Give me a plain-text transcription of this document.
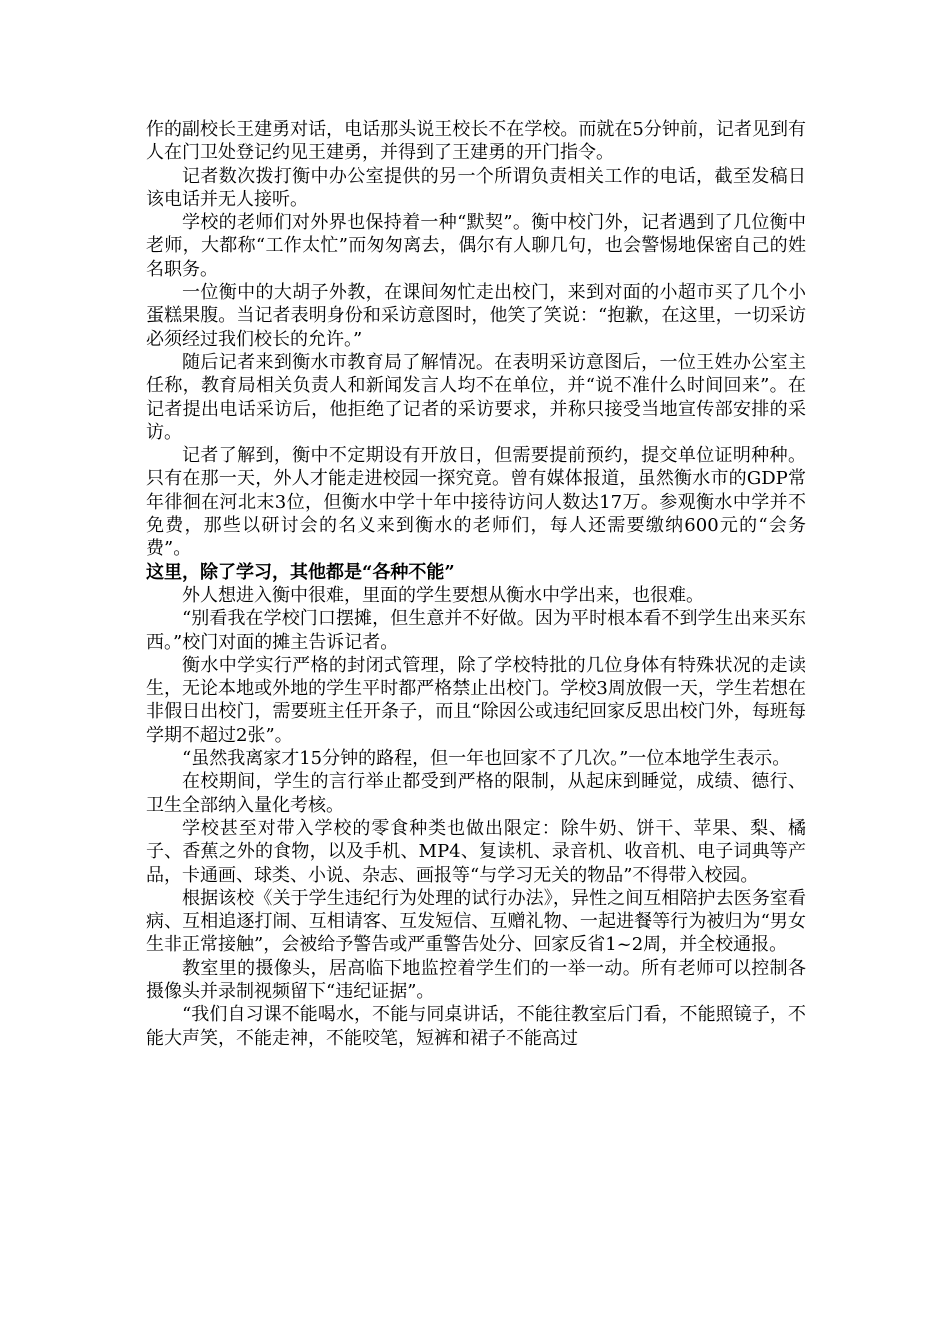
作的副校长王建勇对话，电话那头说王校长不在学校。而就在5分钟前，记者见到有人在门卫处登记约见王建勇，并得到了王建勇的开门指令。

记者数次拨打衡中办公室提供的另一个所谓负责相关工作的电话，截至发稿日该电话并无人接听。

学校的老师们对外界也保持着一种“默契”。衡中校门外，记者遇到了几位衡中老师，大都称“工作太忙”而匆匆离去，偶尔有人聊几句，也会警惕地保密自己的姓名职务。

一位衡中的大胡子外教，在课间匆忙走出校门，来到对面的小超市买了几个小蛋糕果腹。当记者表明身份和采访意图时，他笑了笑说：“抱歉，在这里，一切采访必须经过我们校长的允许。”

随后记者来到衡水市教育局了解情况。在表明采访意图后，一位王姓办公室主任称，教育局相关负责人和新闻发言人均不在单位，并“说不准什么时间回来”。在记者提出电话采访后，他拒绝了记者的采访要求，并称只接受当地宣传部安排的采访。

记者了解到，衡中不定期设有开放日，但需要提前预约，提交单位证明种种。只有在那一天，外人才能走进校园一探究竟。曾有媒体报道，虽然衡水市的GDP常年徘徊在河北末3位，但衡水中学十年中接待访问人数达17万。参观衡水中学并不免费，那些以研讨会的名义来到衡水的老师们，每人还需要缴纳600元的“会务费”。

这里，除了学习，其他都是“各种不能”

外人想进入衡中很难，里面的学生要想从衡水中学出来，也很难。

“别看我在学校门口摆摊，但生意并不好做。因为平时根本看不到学生出来买东西。”校门对面的摊主告诉记者。

衡水中学实行严格的封闭式管理，除了学校特批的几位身体有特殊状况的走读生，无论本地或外地的学生平时都严格禁止出校门。学校3周放假一天，学生若想在非假日出校门，需要班主任开条子，而且“除因公或违纪回家反思出校门外，每班每学期不超过2张”。

“虽然我离家才15分钟的路程，但一年也回家不了几次。”一位本地学生表示。

在校期间，学生的言行举止都受到严格的限制，从起床到睡觉，成绩、德行、卫生全部纳入量化考核。

学校甚至对带入学校的零食种类也做出限定：除牛奶、饼干、苹果、梨、橘子、香蕉之外的食物，以及手机、MP4、复读机、录音机、收音机、电子词典等产品，卡通画、球类、小说、杂志、画报等“与学习无关的物品”不得带入校园。

根据该校《关于学生违纪行为处理的试行办法》，异性之间互相陪护去医务室看病、互相追逐打闹、互相请客、互发短信、互赠礼物、一起进餐等行为被归为“男女生非正常接触”，会被给予警告或严重警告处分、回家反省1~2周，并全校通报。

教室里的摄像头，居高临下地监控着学生们的一举一动。所有老师可以控制各摄像头并录制视频留下“违纪证据”。

“我们自习课不能喝水，不能与同桌讲话，不能往教室后门看，不能照镜子，不能大声笑，不能走神，不能咬笔，短裤和裙子不能高过
